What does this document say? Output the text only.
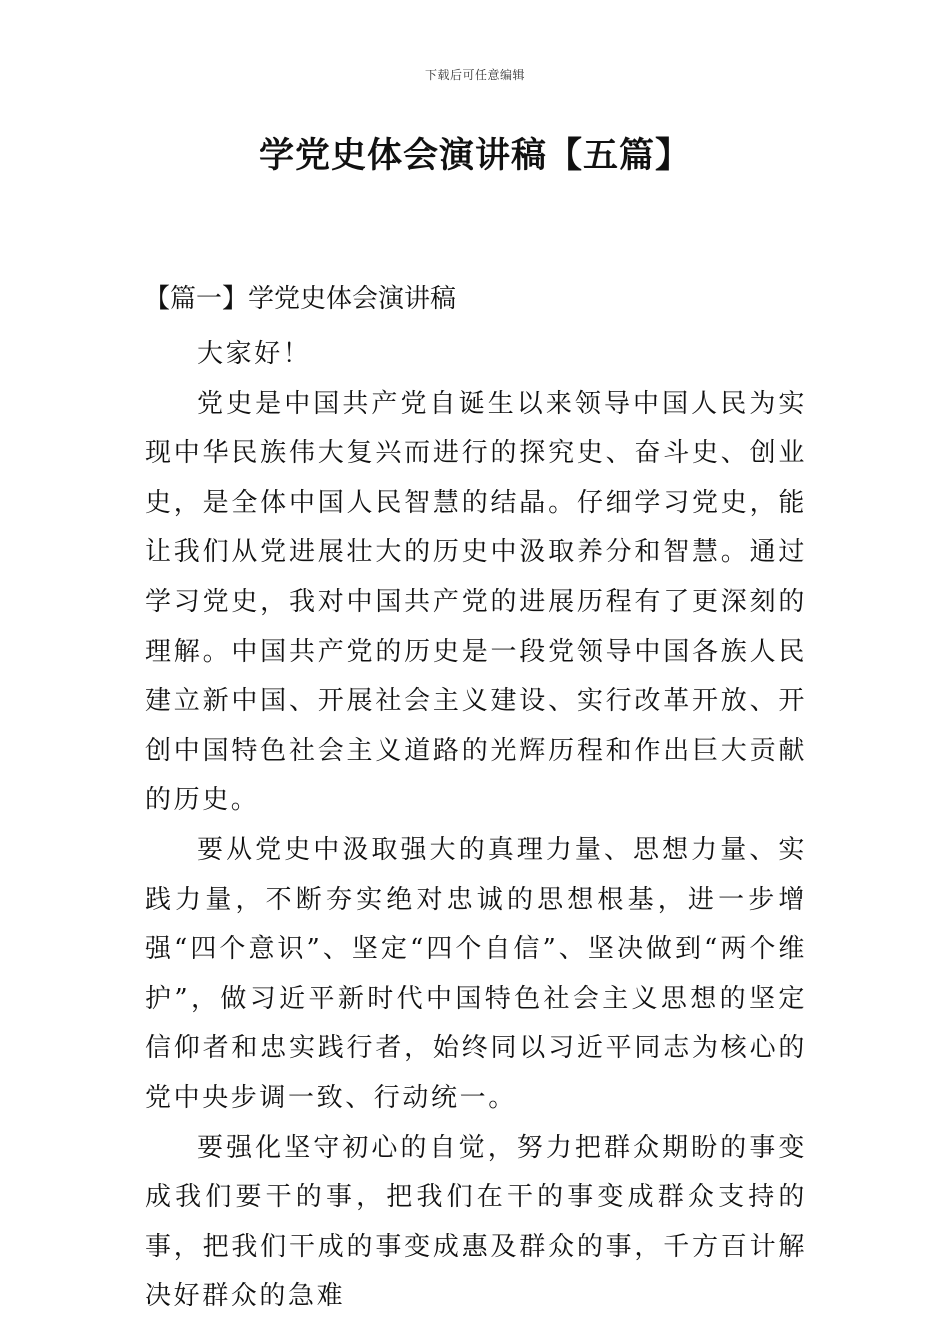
下载后可任意编辑
学党史体会演讲稿【五篇】
【篇一】学党史体会演讲稿

大家好！

党史是中国共产党自诞生以来领导中国人民为实现中华民族伟大复兴而进行的探究史、奋斗史、创业史，是全体中国人民智慧的结晶。仔细学习党史，能让我们从党进展壮大的历史中汲取养分和智慧。通过学习党史，我对中国共产党的进展历程有了更深刻的理解。中国共产党的历史是一段党领导中国各族人民建立新中国、开展社会主义建设、实行改革开放、开创中国特色社会主义道路的光辉历程和作出巨大贡献的历史。

要从党史中汲取强大的真理力量、思想力量、实践力量，不断夯实绝对忠诚的思想根基，进一步增强“四个意识”、坚定“四个自信”、坚决做到“两个维护”，做习近平新时代中国特色社会主义思想的坚定信仰者和忠实践行者，始终同以习近平同志为核心的党中央步调一致、行动统一。

要强化坚守初心的自觉，努力把群众期盼的事变成我们要干的事，把我们在干的事变成群众支持的事，把我们干成的事变成惠及群众的事，千方百计解决好群众的急难
